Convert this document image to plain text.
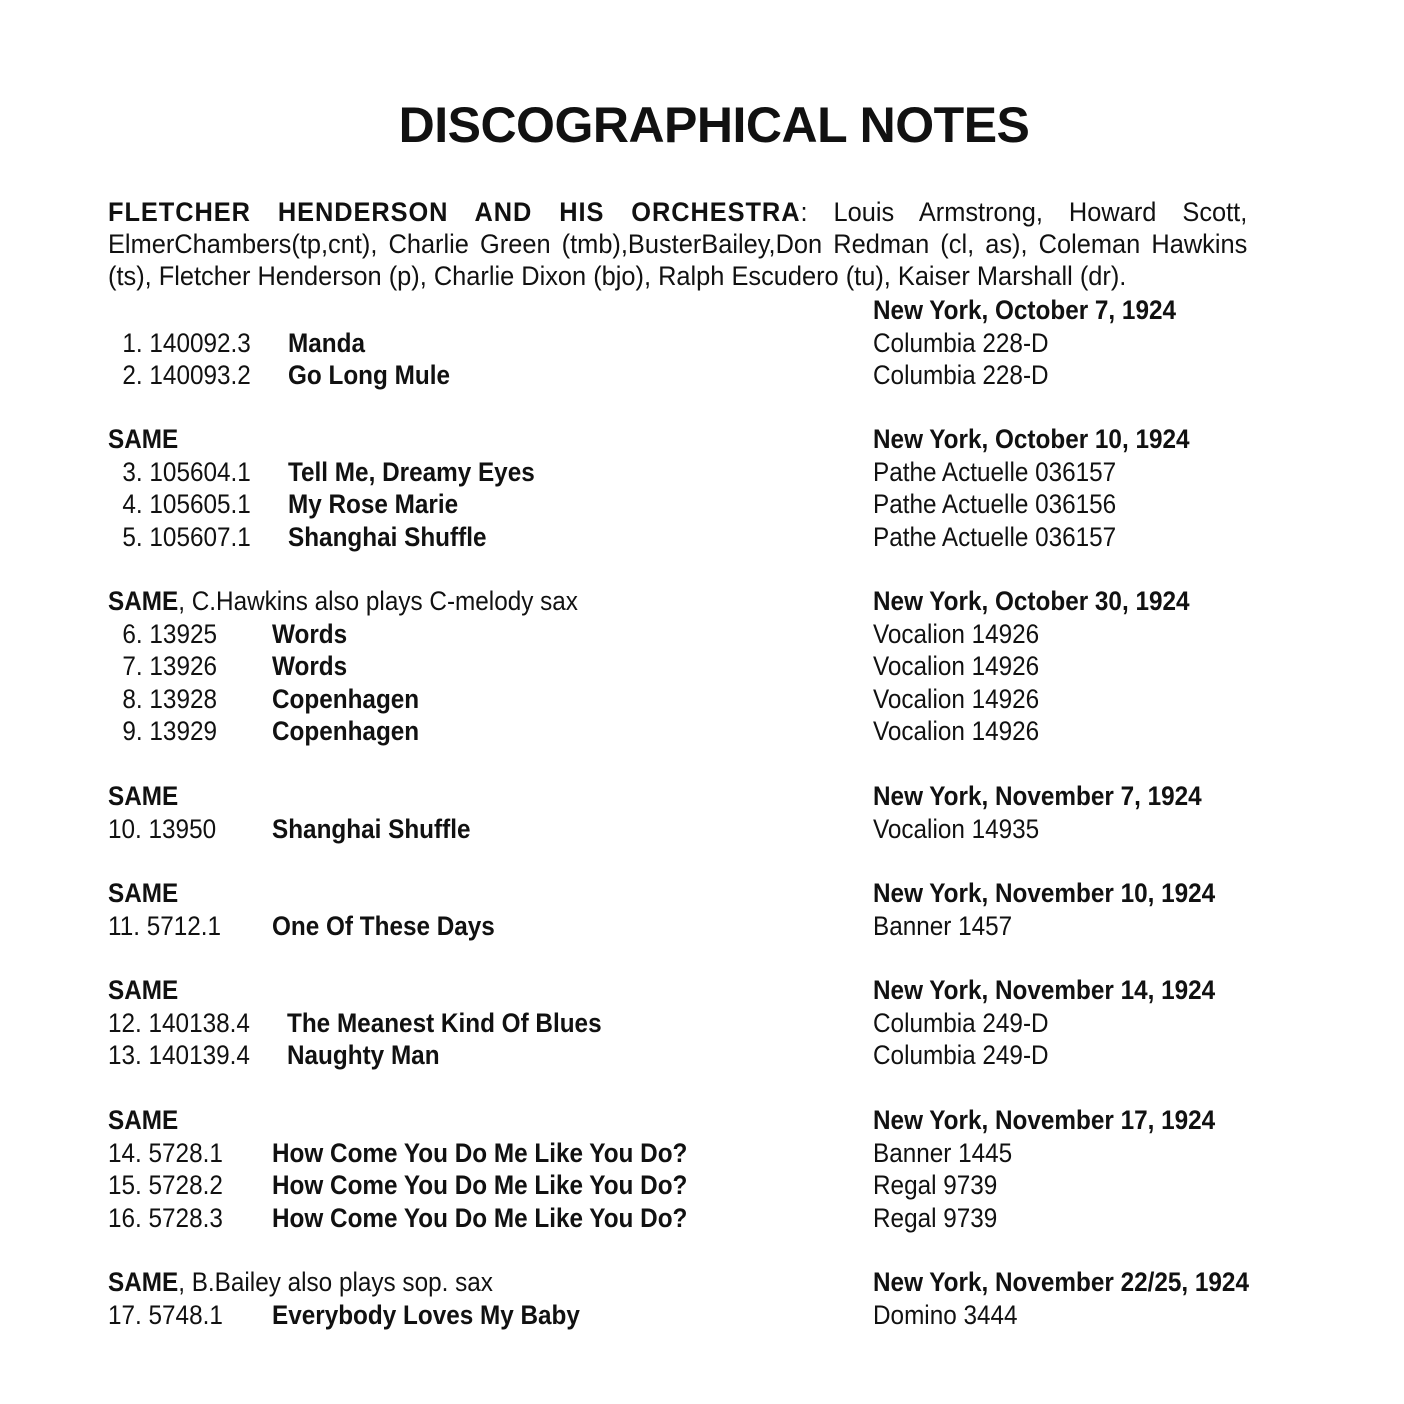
DISCOGRAPHICAL NOTES
FLETCHER HENDERSON AND HIS ORCHESTRA: Louis Armstrong, Howard Scott, ElmerChambers(tp,cnt), Charlie Green (tmb),BusterBailey,Don Redman (cl, as), Coleman Hawkins (ts), Fletcher Henderson (p), Charlie Dixon (bjo), Ralph Escudero (tu), Kaiser Marshall (dr).
New York, October 7, 1924
1. 140092.3 Manda	Columbia 228-D
2. 140093.2 Go Long Mule	Columbia 228-D
SAME	New York, October 10, 1924
3. 105604.1 Tell Me, Dreamy Eyes	Pathe Actuelle 036157
4. 105605.1 My Rose Marie	Pathe Actuelle 036156
5. 105607.1 Shanghai Shuffle	Pathe Actuelle 036157
SAME, C.Hawkins also plays C-melody sax	New York, October 30, 1924
6. 13925 Words	Vocalion 14926
7. 13926 Words	Vocalion 14926
8. 13928 Copenhagen	Vocalion 14926
9. 13929 Copenhagen	Vocalion 14926
SAME	New York, November 7, 1924
10. 13950 Shanghai Shuffle	Vocalion 14935
SAME	New York, November 10, 1924
11. 5712.1 One Of These Days	Banner 1457
SAME	New York, November 14, 1924
12. 140138.4 The Meanest Kind Of Blues	Columbia 249-D
13. 140139.4 Naughty Man	Columbia 249-D
SAME	New York, November 17, 1924
14. 5728.1 How Come You Do Me Like You Do?	Banner 1445
15. 5728.2 How Come You Do Me Like You Do?	Regal 9739
16. 5728.3 How Come You Do Me Like You Do?	Regal 9739
SAME, B.Bailey also plays sop. sax	New York, November 22/25, 1924
17. 5748.1 Everybody Loves My Baby	Domino 3444
